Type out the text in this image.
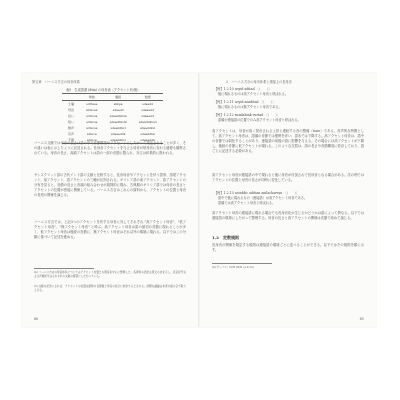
第五章　バーニス方言の母音体系
表5　生成語彙 (dtia) の母音表（アクセント有/無）
	単独	連接	独語
土壌	sdrtasa	skkpa	sdaadd
母音	sdmcaa	sdaadd	sdaaadd
長い	sdmcsa	sdaaddkvla	sdaaadd
短い	sdmcsa	sdaaddkvla	sdaaddkvsd
無声	sdmcsa	sdaaddkvl	sdaaddkvl
有声	sdmca	sdaaaddk	sdaaddkk
不明	sdmca	sdaaddkvl	sdaaaddk

バーニス文献では母音の長さは語の中で音節構造やアクセントにしたがって規定されることが多く、その違いは表に示したように記述される。長母音アクセントを与える母音が短母音に変わる過程も観察されている。母音の長さ、高調アクセントは語の一部の音節に限られ、対立は体系的に扱われる。

サンスクリット語の古代インド語の文献と比較すると、長音母音やアクセントを伴う語形、語尾アクセント、前アクセント、語アクセントの三種が区別される。ギリシア語の前アクセント、語アクセントの分布を見ると、音節の長さと音調の組み合わせが規則的に現れ、古典期のギリシア語では母音の長さとアクセントの位置が密接に関係している。バーニス方言はこれらの資料から、アクセントの位置と母音の長短の関係を論じる。

バーニス方言では、上記3つのアクセントを有する母音に対してそれぞれ "高アクセント母音"、"低アクセント母音"、"無アクセント母音" と呼ぶ。高アクセント母音は語の最初の音節に現れることが多く、低アクセント母音は後続の音節に、無アクセント母音はそれ以外の環境に現れる。以下ではこの分類に基づいて記述を進める。

(4) バーニス方言の母音体系についてはアクセント位置との関係を中心に整理した。各資料の表記は原文のまま示し、長音記号および声調記号はそれぞれの文献の慣習にしたがっている。

(5) 文献の記述によれば、アクセントの位置は語幹の音節数と母音の長さに依存するとされる。詳細な議論は本書の後の章で取り上げる。

80
2　バーニス方言の母音体系と連接上の長母音

【例】1.2.10 ucyid aditad 〔（　　）〕

後に現れるものは高アクセント母音と呼ばれる。

【例】1.2.11 ucyid anaditad 〔（　　）〕

後に現れるものは無アクセント母音である。

【例】1.2.12 zundahtak vurtad 〔（　　）〕

語頭が連接語の位置でのみ高アクセント母音と呼ばれる。

高アクセントは、母音が高く発音される上昇と連続する音の整備（tone）である。音声的な特徴として、高アクセント母音は、語頭の音節では強勢を伴い、語末では下降する。高アクセント母音は、語中の音節では弱化することがあり、連接語の前後の語に影響を与える。その場合には高アクセントが下降し、後続の音節に低アクセントが現れる。このような交替は、語の長さや音節構造に依存しており、語ごとに記述する必要がある。

高アクセント母音が連接語の中で現れると後に母音が付加されて長母音となる場合がある。次の例ではアクセントの位置と母音の長さが同時に変化している。

【例】1.2.13 ucisddic aditian anilacharvan 〔（　　）〕

語中で後に現れるもの（連接語）は高アクセント母音である。

語頭では高アクセント母音と呼ばれる。

高アクセント母音の連接語に現れる場合でも長母音化が生じるかどうかは語によって異なる。以下では連接語の環境にしたがって整理する。母音の長さと高アクセントの関係は次節で改めて論じる。

1.2　定数規則

長母音の関係を規定する規則は連接語の環境ごとに述べることができる。以下ではその規則を順に示す。

(6) サーバス：CCE 2021 (e.b.13)

81
